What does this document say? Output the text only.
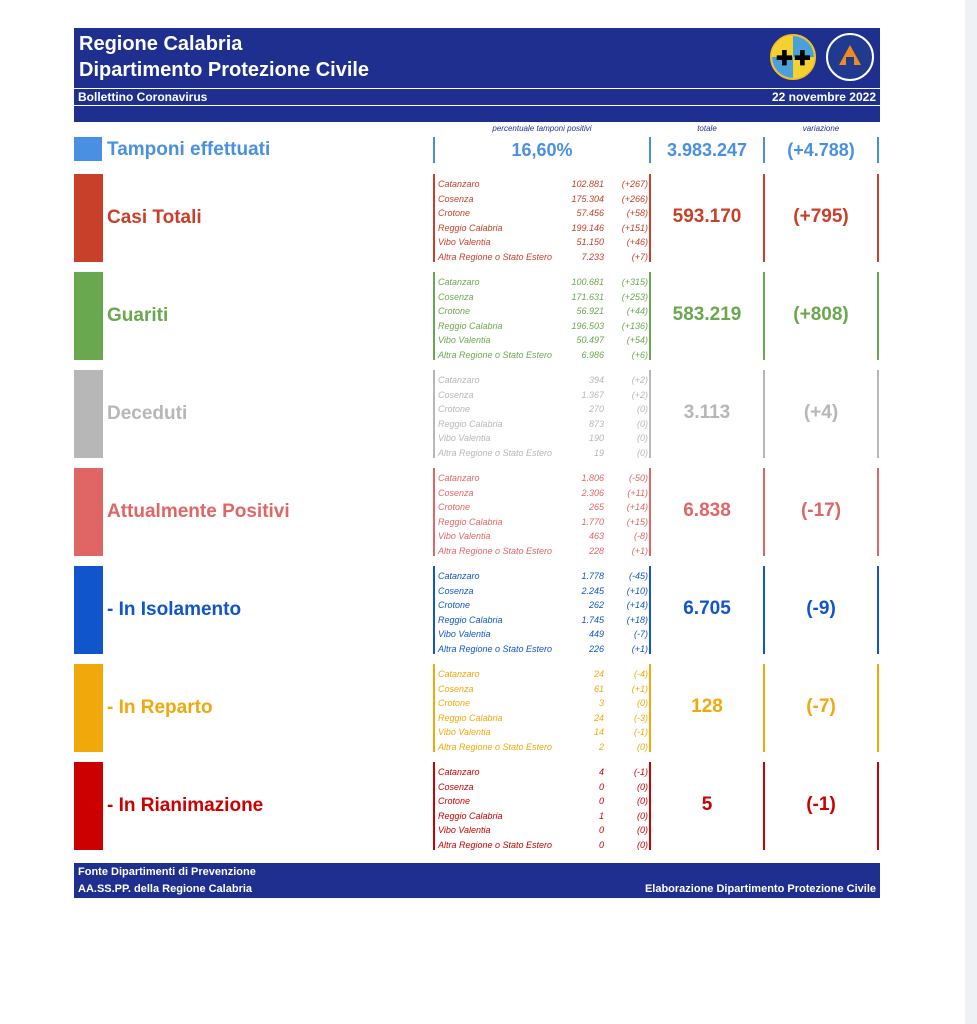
Regione Calabria
Dipartimento Protezione Civile	✚ ✚
Bollettino Coronavirus	22 novembre 2022
percentuale tamponi positivi	totale	variazione
Tamponi effettuati	16,60%	3.983.247	(+4.788)
Casi Totali
Catanzaro	102.881 (+267)
Cosenza	175.304 (+266)
Crotone	57.456	(+58)
Reggio Calabria	199.146 (+151)
Vibo Valentia	51.150	(+46)
Altra Regione o Stato Estero	7.233	(+7)
593.170	(+795)
Guariti
Catanzaro	100.681 (+315)
Cosenza	171.631 (+253)
Crotone	56.921	(+44)
Reggio Calabria	196.503 (+136)
Vibo Valentia	50.497	(+54)
Altra Regione o Stato Estero	6.986	(+6)
583.219	(+808)
Deceduti
Catanzaro	394	(+2)
Cosenza	1.367	(+2)
Crotone	270	(0)
Reggio Calabria	873	(0)
Vibo Valentia	190	(0)
Altra Regione o Stato Estero	19	(0)
3.113	(+4)
Attualmente Positivi
Catanzaro	1.806	(-50)
Cosenza	2.306	(+11)
Crotone	265	(+14)
Reggio Calabria	1.770	(+15)
Vibo Valentia	463	(-8)
Altra Regione o Stato Estero	228	(+1)
6.838	(-17)
- In Isolamento
Catanzaro	1.778	(-45)
Cosenza	2.245	(+10)
Crotone	262	(+14)
Reggio Calabria	1.745	(+18)
Vibo Valentia	449	(-7)
Altra Regione o Stato Estero	226	(+1)
6.705	(-9)
- In Reparto
Catanzaro	24	(-4)
Cosenza	61	(+1)
Crotone	3	(0)
Reggio Calabria	24	(-3)
Vibo Valentia	14	(-1)
Altra Regione o Stato Estero	2	(0)
128	(-7)
- In Rianimazione
Catanzaro	4	(-1)
Cosenza	0	(0)
Crotone	0	(0)
Reggio Calabria	1	(0)
Vibo Valentia	0	(0)
Altra Regione o Stato Estero	0	(0)
5	(-1)
Fonte Dipartimenti di Prevenzione
AA.SS.PP. della Regione Calabria	Elaborazione Dipartimento Protezione Civile
